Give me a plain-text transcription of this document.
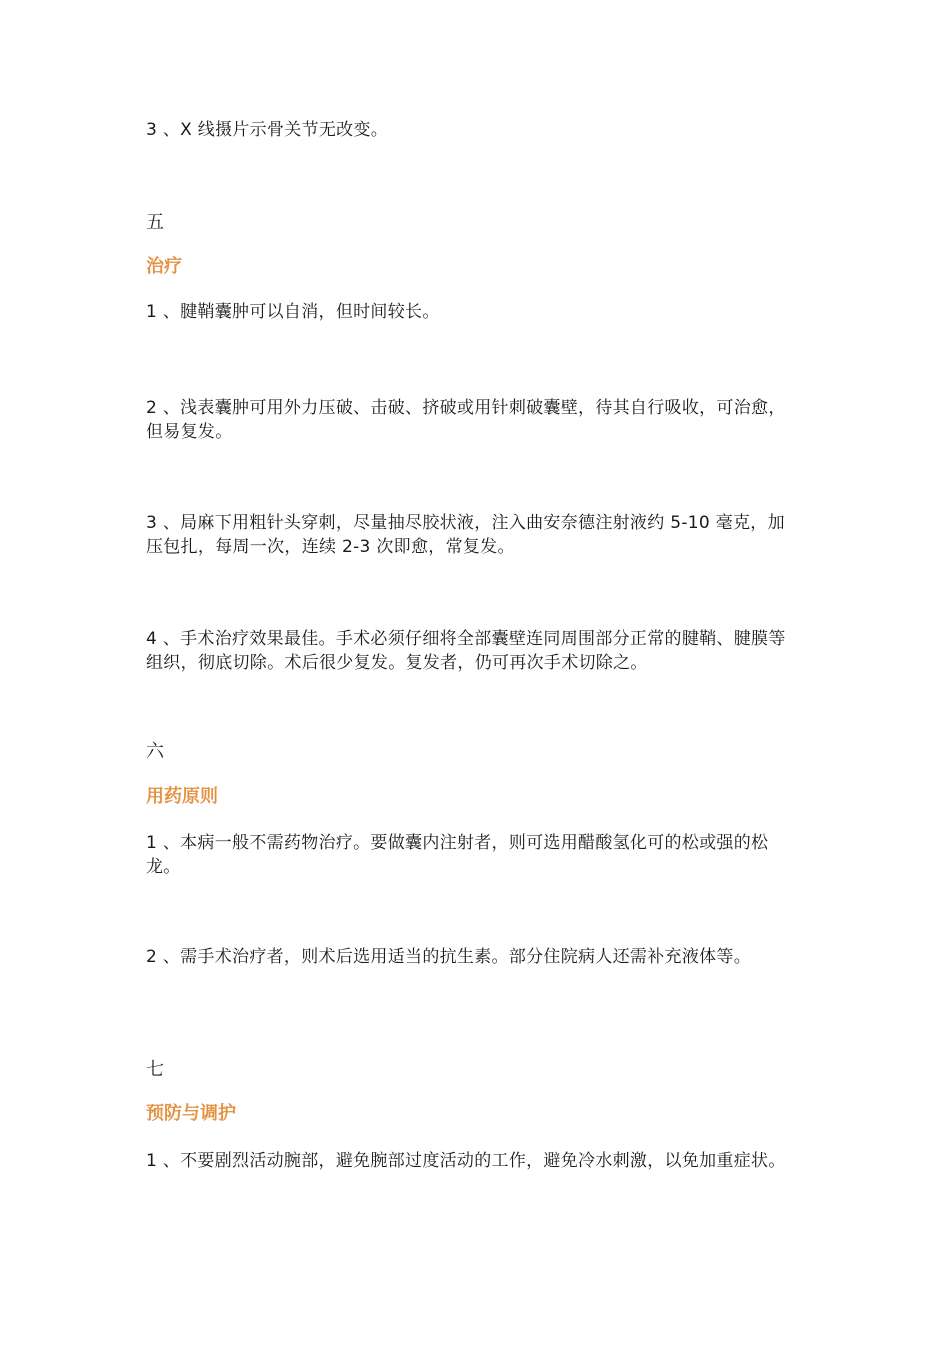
3 、X 线摄片示骨关节无改变。

五

治疗

1 、腱鞘囊肿可以自消，但时间较长。

2 、浅表囊肿可用外力压破、击破、挤破或用针刺破囊壁，待其自行吸收，可治愈，但易复发。

3 、局麻下用粗针头穿刺，尽量抽尽胶状液，注入曲安奈德注射液约 5-10 毫克，加压包扎，每周一次，连续 2-3 次即愈，常复发。

4 、手术治疗效果最佳。手术必须仔细将全部囊壁连同周围部分正常的腱鞘、腱膜等组织，彻底切除。术后很少复发。复发者，仍可再次手术切除之。

六

用药原则

1 、本病一般不需药物治疗。要做囊内注射者，则可选用醋酸氢化可的松或强的松龙。

2 、需手术治疗者，则术后选用适当的抗生素。部分住院病人还需补充液体等。

七

预防与调护

1 、不要剧烈活动腕部，避免腕部过度活动的工作，避免冷水刺激，以免加重症状。
